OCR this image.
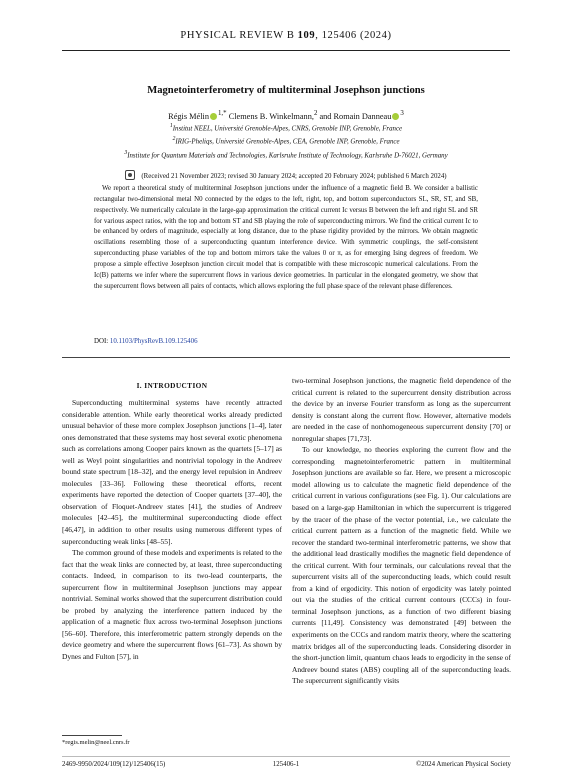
PHYSICAL REVIEW B 109, 125406 (2024)
Magnetointerferometry of multiterminal Josephson junctions
Régis Mélin $^{1,*}$ Clemens B. Winkelmann,$^2$ and Romain Danneau $^3$
$^1$Institut NEEL, Université Grenoble-Alpes, CNRS, Grenoble INP, Grenoble, France
$^2$IRIG-Pheliqs, Université Grenoble-Alpes, CEA, Grenoble INP, Grenoble, France
$^3$Institute for Quantum Materials and Technologies, Karlsruhe Institute of Technology, Karlsruhe D-76021, Germany
(Received 21 November 2023; revised 30 January 2024; accepted 20 February 2024; published 6 March 2024)

We report a theoretical study of multiterminal Josephson junctions under the influence of a magnetic field B. We consider a ballistic rectangular two-dimensional metal N0 connected by the edges to the left, right, top, and bottom superconductors SL, SR, ST, and SB, respectively. We numerically calculate in the large-gap approximation the critical current Ic versus B between the left and right SL and SR for various aspect ratios, with the top and bottom ST and SB playing the role of superconducting mirrors. We find the critical current Ic to be enhanced by orders of magnitude, especially at long distance, due to the phase rigidity provided by the mirrors. We obtain magnetic oscillations resembling those of a superconducting quantum interference device. With symmetric couplings, the self-consistent superconducting phase variables of the top and bottom mirrors take the values 0 or π, as for emerging Ising degrees of freedom. We propose a simple effective Josephson junction circuit model that is compatible with these microscopic numerical calculations. From the Ic(B) patterns we infer where the supercurrent flows in various device geometries. In particular in the elongated geometry, we show that the supercurrent flows between all pairs of contacts, which allows exploring the full phase space of the relevant phase differences.

DOI: 10.1103/PhysRevB.109.125406
I. INTRODUCTION

Superconducting multiterminal systems have recently attracted considerable attention. While early theoretical works already predicted unusual behavior of these more complex Josephson junctions [1–4], later ones demonstrated that these systems may host several exotic phenomena such as correlations among Cooper pairs known as the quartets [5–17] as well as Weyl point singularities and nontrivial topology in the Andreev bound state spectrum [18–32], and the energy level repulsion in Andreev molecules [33–36]. Following these theoretical efforts, recent experiments have reported the detection of Cooper quartets [37–40], the observation of Floquet-Andreev states [41], the studies of Andreev molecules [42–45], the multiterminal superconducting diode effect [46,47], in addition to other results using numerous different types of superconducting weak links [48–55].

The common ground of these models and experiments is related to the fact that the weak links are connected by, at least, three superconducting contacts. Indeed, in comparison to its two-lead counterparts, the supercurrent flow in multiterminal Josephson junctions may appear nontrivial. Seminal works showed that the supercurrent distribution could be probed by analyzing the interference pattern induced by the application of a magnetic flux across two-terminal Josephson junctions [56–60]. Therefore, this interferometric pattern strongly depends on the device geometry and where the supercurrent flows [61–73]. As shown by Dynes and Fulton [57], in

two-terminal Josephson junctions, the magnetic field dependence of the critical current is related to the supercurrent density distribution across the device by an inverse Fourier transform as long as the supercurrent density is constant along the current flow. However, alternative models are needed in the case of nonhomogeneous supercurrent density [70] or nonregular shapes [71,73].

To our knowledge, no theories exploring the current flow and the corresponding magnetointerferometric pattern in multiterminal Josephson junctions are available so far. Here, we present a microscopic model allowing us to calculate the magnetic field dependence of the critical current in various configurations (see Fig. 1). Our calculations are based on a large-gap Hamiltonian in which the supercurrent is triggered by the tracer of the phase of the vector potential, i.e., we calculate the critical current pattern as a function of the magnetic field. While we recover the standard two-terminal interferometric patterns, we show that the additional lead drastically modifies the magnetic field dependence of the critical current. With four terminals, our calculations reveal that the supercurrent visits all of the superconducting leads, which could result from a kind of ergodicity. This notion of ergodicity was lately pointed out via the studies of the critical current contours (CCCs) in four-terminal Josephson junctions, as a function of two different biasing currents [11,49]. Consistency was demonstrated [49] between the experiments on the CCCs and random matrix theory, where the scattering matrix bridges all of the superconducting leads. Considering disorder in the short-junction limit, quantum chaos leads to ergodicity in the sense of Andreev bound states (ABS) coupling all of the superconducting leads. The supercurrent significantly visits

*regis.melin@neel.cnrs.fr
2469-9950/2024/109(12)/125406(15)	125406-1	©2024 American Physical Society
